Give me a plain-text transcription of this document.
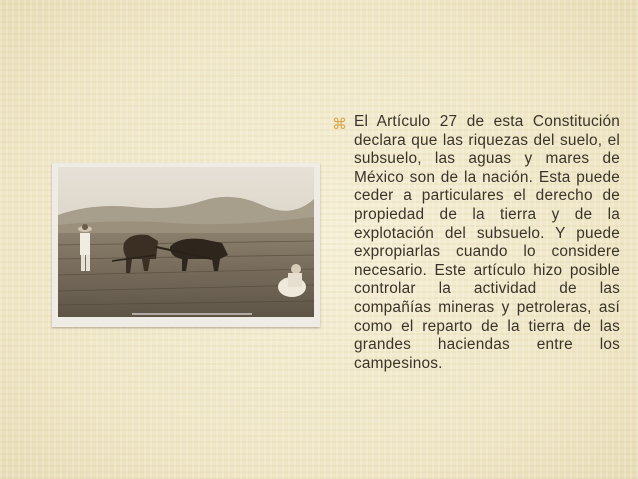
⌘ El Artículo 27 de esta Constitución declara que las riquezas del suelo, el subsuelo, las aguas y mares de México son de la nación. Esta puede ceder a particulares el derecho de propiedad de la tierra y de la explotación del subsuelo. Y puede expropiarlas cuando lo considere necesario. Este artículo hizo posible controlar la actividad de las compañías mineras y petroleras, así como el reparto de la tierra de las grandes haciendas entre los campesinos.
